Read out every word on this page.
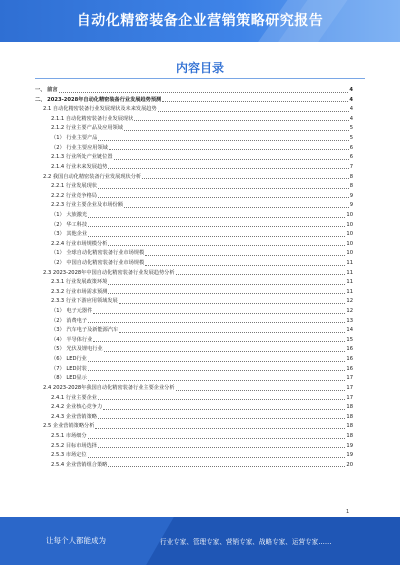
自动化精密装备企业营销策略研究报告
内容目录
一、 前言	4
二、 2023-2028年自动化精密装备行业发展趋势预测	4
2.1 自动化精密装备行业发展现状及未来发展趋势	4
2.1.1 自动化精密装备行业发展现状	4
2.1.2 行业主要产品及应用领域	5
（1） 行业主要产品	5
（2） 行业主要应用领域	6
2.1.3 行业所处产业链位置	6
2.1.4 行业未来发展趋势	7
2.2 我国自动化精密装备行业发展现状分析	8
2.2.1 行业发展现状	8
2.2.2 行业竞争格局	9
2.2.3 行业主要企业及市场份额	9
（1） 大族激光	10
（2） 华工科技	10
（3） 其他企业	10
2.2.4 行业市场规模分析	10
（1） 全球自动化精密装备行业市场规模	10
（2） 中国自动化精密装备行业市场规模	11
2.3 2023-2028年中国自动化精密装备行业发展趋势分析	11
2.3.1 行业发展政策环境	11
2.3.2 行业市场需求预测	11
2.3.3 行业下游应用领域发展	12
（1） 电子元器件	12
（2） 消费电子	13
（3） 汽车电子及新能源汽车	14
（4） 半导体行业	15
（5） 光伏及锂电行业	16
（6） LED行业	16
（7） LED封装	16
（8） LED显示	17
2.4 2023-2028年我国自动化精密装备行业主要企业分析	17
2.4.1 行业主要企业	17
2.4.2 企业核心竞争力	18
2.4.3 企业营销策略	18
2.5 企业营销策略分析	18
2.5.1 市场细分	18
2.5.2 目标市场选择	19
2.5.3 市场定位	19
2.5.4 企业营销组合策略	20
1
让每个人都能成为	行业专家、管理专家、营销专家、战略专家、运营专家……
